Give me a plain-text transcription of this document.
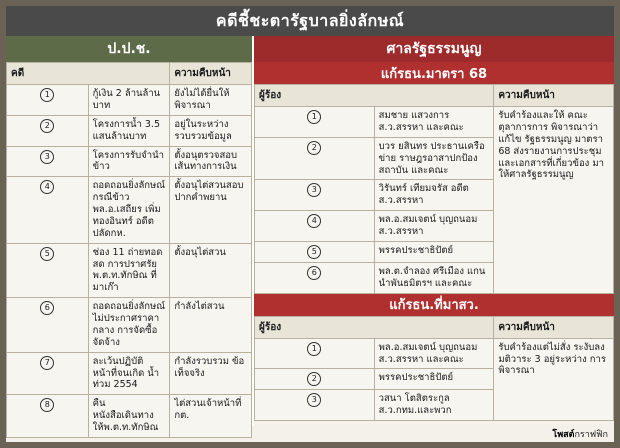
คดีชี้ชะตารัฐบาลยิ่งลักษณ์
ป.ป.ช.
คดี		ความคืบหน้า
1	กู้เงิน 2 ล้านล้านบาท	ยังไม่ได้ยื่นให้พิจารณา
2	โครงการน้ำ 3.5 แสนล้านบาท	อยู่ในระหว่าง รวบรวมข้อมูล
3	โครงการรับจำนำข้าว	ตั้งอนุตรวจสอบ เส้นทางการเงิน
4	ถอดถอนยิ่งลักษณ์ กรณีข้าว พล.อ.เสถียร เพิ่มทองอินทร์ อดีตปลัดกห.	ตั้งอนุไต่สวนสอบ ปากคำพยาน
5	ช่อง 11 ถ่ายทอดสด การปราศรัย พ.ต.ท.ทักษิณ ที่มาเก๊า	ตั้งอนุไต่สวน
6	ถอดถอนยิ่งลักษณ์ ไม่ประกาศราคากลาง การจัดซื้อจัดจ้าง	กำลังไต่สวน
7	ละเว้นปฏิบัติหน้าที่จนเกิด น้ำท่วม 2554	กำลังรวบรวม ข้อเท็จจริง
8	คืนหนังสือเดินทาง ให้พ.ต.ท.ทักษิณ	ไต่สวนเจ้าหน้าที่ กต.
ศาลรัฐธรรมนูญ
แก้รธน.มาตรา 68
ผู้ร้อง		ความคืบหน้า
1	สมชาย แสวงการ ส.ว.สรรหา และคณะ	รับคำร้องและให้ คณะตุลาการการ พิจารณาว่าแก้ไข รัฐธรรมนูญ มาตรา 68 ส่งรายงานการประชุม และเอกสารที่เกี่ยวข้อง มาให้ศาลรัฐธรรมนูญ
2	บวร ยสินทร ประธานเครือข่าย ราษฎรอาสาปกป้อง สถาบัน และคณะ	
3	วิรันทร์ เทียมจรัส อดีตส.ว.สรรหา	
4	พล.อ.สมเจตน์ บุญถนอม ส.ว.สรรหา	
5	พรรคประชาธิปัตย์	
6	พล.ต.จำลอง ศรีเมือง แกนนำพันธมิตรฯ และคณะ	
แก้รธน.ที่มาสว.
ผู้ร้อง		ความคืบหน้า
1	พล.อ.สมเจตน์ บุญถนอม ส.ว.สรรหา และคณะ	รับคำร้องแต่ไม่สั่ง ระงับลงมติวาระ 3 อยู่ระหว่าง การพิจารณา
2	พรรคประชาธิปัตย์	
3	วสนา โตสิตระกูล ส.ว.กทม.และพวก	
โพสต์ กราฟฟิก
